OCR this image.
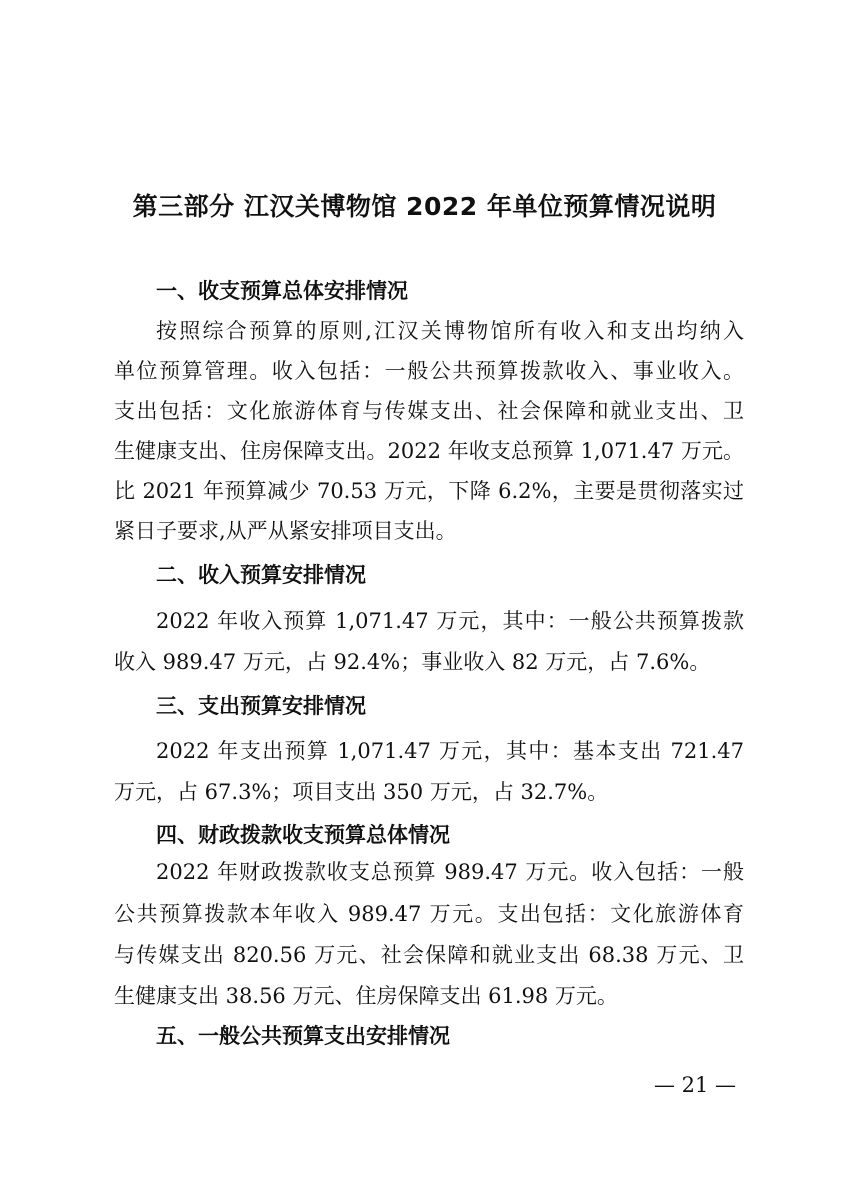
第三部分 江汉关博物馆 2022 年单位预算情况说明

一、收支预算总体安排情况

按照综合预算的原则,江汉关博物馆所有收入和支出均纳入

单位预算管理。收入包括：一般公共预算拨款收入、事业收入。

支出包括：文化旅游体育与传媒支出、社会保障和就业支出、卫

生健康支出、住房保障支出。2022 年收支总预算 1,071.47 万元。

比 2021 年预算减少 70.53 万元，下降 6.2%，主要是贯彻落实过

紧日子要求,从严从紧安排项目支出。

二、收入预算安排情况

2022 年收入预算 1,071.47 万元，其中：一般公共预算拨款

收入 989.47 万元，占 92.4%；事业收入 82 万元，占 7.6%。

三、支出预算安排情况

2022 年支出预算 1,071.47 万元，其中：基本支出 721.47

万元，占 67.3%；项目支出 350 万元，占 32.7%。

四、财政拨款收支预算总体情况

2022 年财政拨款收支总预算 989.47 万元。收入包括：一般

公共预算拨款本年收入 989.47 万元。支出包括：文化旅游体育

与传媒支出 820.56 万元、社会保障和就业支出 68.38 万元、卫

生健康支出 38.56 万元、住房保障支出 61.98 万元。

五、一般公共预算支出安排情况

— 21 —
